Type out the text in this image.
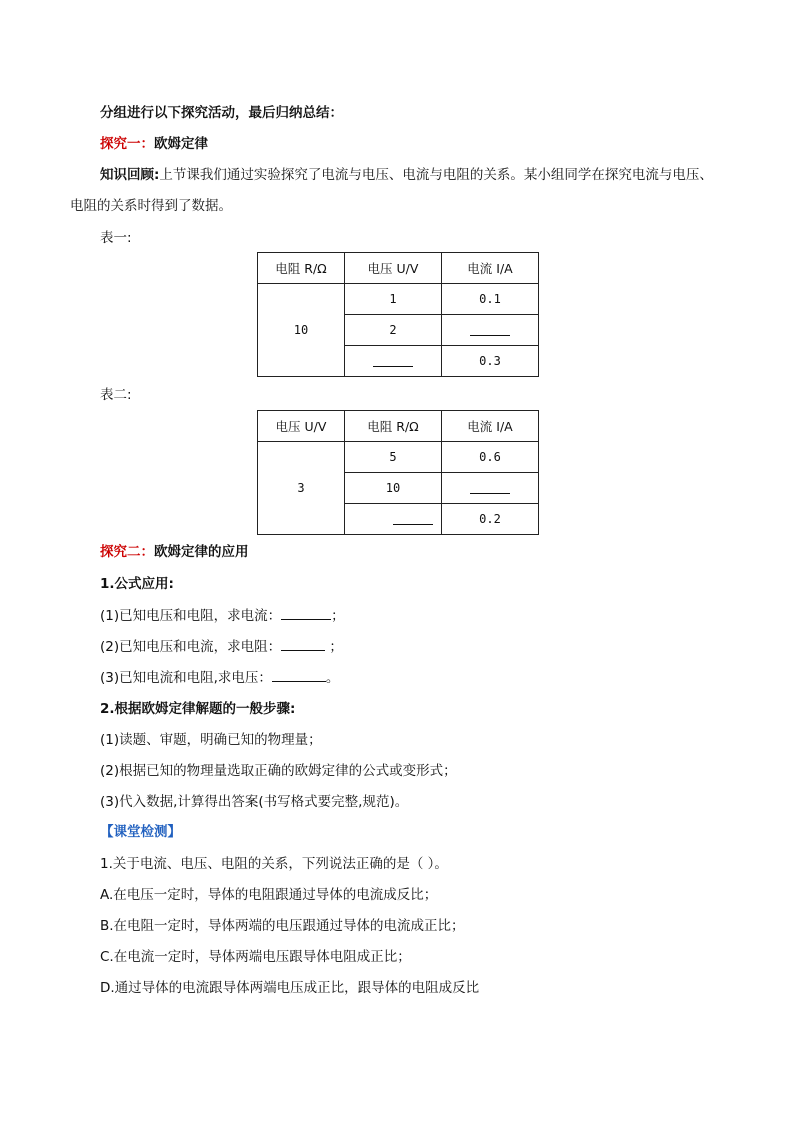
分组进行以下探究活动，最后归纳总结：
探究一：欧姆定律
知识回顾:上节课我们通过实验探究了电流与电压、电流与电阻的关系。某小组同学在探究电流与电压、
电阻的关系时得到了数据。
表一:
电阻 R/Ω	电压 U/V	电流 I/A
10	1	0.1
	2	
		0.3
表二:
电压 U/V	电阻 R/Ω	电流 I/A
3	5	0.6
	10	
		0.2
探究二：欧姆定律的应用
1.公式应用:
(1)已知电压和电阻，求电流：	；
(2)已知电压和电流，求电阻：	；
(3)已知电流和电阻,求电压：	。
2.根据欧姆定律解题的一般步骤:
(1)读题、审题，明确已知的物理量；
(2)根据已知的物理量选取正确的欧姆定律的公式或变形式；
(3)代入数据,计算得出答案(书写格式要完整,规范)。
【课堂检测】
1.关于电流、电压、电阻的关系，下列说法正确的是（ ）。
A.在电压一定时，导体的电阻跟通过导体的电流成反比；
B.在电阻一定时，导体两端的电压跟通过导体的电流成正比；
C.在电流一定时，导体两端电压跟导体电阻成正比；
D.通过导体的电流跟导体两端电压成正比，跟导体的电阻成反比
